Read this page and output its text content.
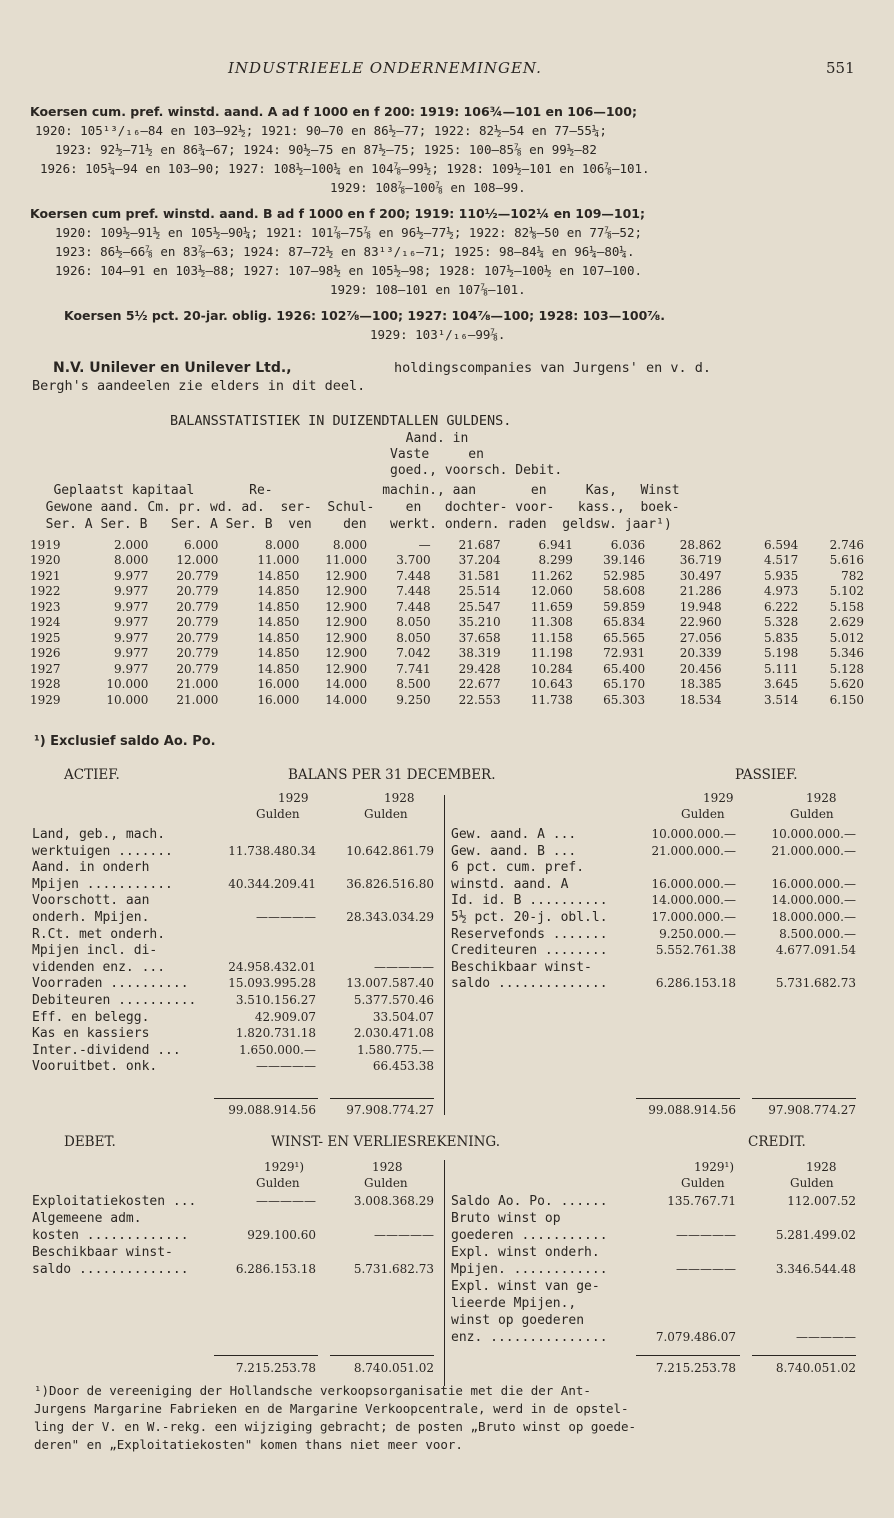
INDUSTRIEELE ONDERNEMINGEN.	551
Koersen cum. pref. winstd. aand. A ad f 1000 en f 200: 1919: 106¾—101 en 106—100;
1920: 105¹³/₁₆—84 en 103—92½; 1921: 90—70 en 86½—77; 1922: 82½—54 en 77—55¼;
1923: 92½—71½ en 86¾—67; 1924: 90½—75 en 87½—75; 1925: 100—85⅞ en 99½—82
1926: 105¼—94 en 103—90; 1927: 108½—100¼ en 104⅞—99½; 1928: 109½—101 en 106⅞—101.
1929: 108⅞—100⅞ en 108—99.
Koersen cum pref. winstd. aand. B ad f 1000 en f 200; 1919: 110½—102¼ en 109—101;
1920: 109½—91½ en 105½—90¼; 1921: 101⅞—75⅞ en 96½—77½; 1922: 82⅛—50 en 77⅞—52;
1923: 86½—66⅞ en 83⅞—63; 1924: 87—72½ en 83¹³/₁₆—71; 1925: 98—84¼ en 96¼—80¼.
1926: 104—91 en 103½—88; 1927: 107—98½ en 105½—98; 1928: 107½—100½ en 107—100.
1929: 108—101 en 107⅞—101.
Koersen 5½ pct. 20-jar. oblig. 1926: 102⅞—100; 1927: 104⅞—100; 1928: 103—100⅞.
1929: 103¹/₁₆—99⅞.
N.V. Unilever en Unilever Ltd.,	holdingscompanies van Jurgens' en v. d.
Bergh's aandeelen zie elders in dit deel.
BALANSSTATISTIEK IN DUIZENDTALLEN GULDENS.
Aand. in
Vaste     en
goed., voorsch. Debit.
Geplaatst kapitaal       Re-              machin., aan       en     Kas,   Winst
Gewone aand. Cm. pr. wd. ad.  ser-  Schul-    en   dochter- voor-   kass.,  boek-
Ser. A Ser. B   Ser. A Ser. B  ven    den   werkt. ondern. raden  geldsw. jaar¹)
1919	2.000	6.000	8.000	8.000	—	21.687	6.941	6.036	28.862	6.594	2.746
1920	8.000	12.000	11.000	11.000	3.700	37.204	8.299	39.146	36.719	4.517	5.616
1921	9.977	20.779	14.850	12.900	7.448	31.581	11.262	52.985	30.497	5.935	782
1922	9.977	20.779	14.850	12.900	7.448	25.514	12.060	58.608	21.286	4.973	5.102
1923	9.977	20.779	14.850	12.900	7.448	25.547	11.659	59.859	19.948	6.222	5.158
1924	9.977	20.779	14.850	12.900	8.050	35.210	11.308	65.834	22.960	5.328	2.629
1925	9.977	20.779	14.850	12.900	8.050	37.658	11.158	65.565	27.056	5.835	5.012
1926	9.977	20.779	14.850	12.900	7.042	38.319	11.198	72.931	20.339	5.198	5.346
1927	9.977	20.779	14.850	12.900	7.741	29.428	10.284	65.400	20.456	5.111	5.128
1928	10.000	21.000	16.000	14.000	8.500	22.677	10.643	65.170	18.385	3.645	5.620
1929	10.000	21.000	16.000	14.000	9.250	22.553	11.738	65.303	18.534	3.514	6.150
¹) Exclusief saldo Ao. Po.
ACTIEF.	BALANS PER 31 DECEMBER.	PASSIEF.
1929	1928
Gulden	Gulden
1929	1928
Gulden	Gulden
Land, geb., mach.
werktuigen .......	11.738.480.34	10.642.861.79
Aand. in onderh
Mpijen ...........	40.344.209.41	36.826.516.80
Voorschott. aan
onderh. Mpijen.	—————	28.343.034.29
R.Ct. met onderh.
Mpijen incl. di-
videnden enz. ...	24.958.432.01	—————
Voorraden ..........	15.093.995.28	13.007.587.40
Debiteuren ..........	3.510.156.27	5.377.570.46
Eff. en belegg.	42.909.07	33.504.07
Kas en kassiers	1.820.731.18	2.030.471.08
Inter.-dividend ...	1.650.000.—	1.580.775.—
Vooruitbet. onk.	—————	66.453.38
Gew. aand. A ...	10.000.000.—	10.000.000.—
Gew. aand. B ...	21.000.000.—	21.000.000.—
6 pct. cum. pref.
winstd. aand. A	16.000.000.—	16.000.000.—
Id. id. B ..........	14.000.000.—	14.000.000.—
5½ pct. 20-j. obl.l.	17.000.000.—	18.000.000.—
Reservefonds .......	9.250.000.—	8.500.000.—
Crediteuren ........	5.552.761.38	4.677.091.54
Beschikbaar winst-
saldo ..............	6.286.153.18	5.731.682.73
99.088.914.56	97.908.774.27	99.088.914.56	97.908.774.27
DEBET.	WINST- EN VERLIESREKENING.	CREDIT.
1929¹)	1928
Gulden	Gulden
1929¹)	1928
Gulden	Gulden
Exploitatiekosten ...	—————	3.008.368.29
Algemeene adm.
kosten .............	929.100.60	—————
Beschikbaar winst-
saldo ..............	6.286.153.18	5.731.682.73
Saldo Ao. Po. ......	135.767.71	112.007.52
Bruto winst op
goederen ...........	—————	5.281.499.02
Expl. winst onderh.
Mpijen. ............	—————	3.346.544.48
Expl. winst van ge-
lieerde Mpijen.,
winst op goederen
enz. ...............	7.079.486.07	—————
7.215.253.78	8.740.051.02	7.215.253.78	8.740.051.02
¹)Door de vereeniging der Hollandsche verkoopsorganisatie met die der Ant-
Jurgens Margarine Fabrieken en de Margarine Verkoopcentrale, werd in de opstel-
ling der V. en W.-rekg. een wijziging gebracht; de posten „Bruto winst op goede-
deren" en „Exploitatiekosten" komen thans niet meer voor.
